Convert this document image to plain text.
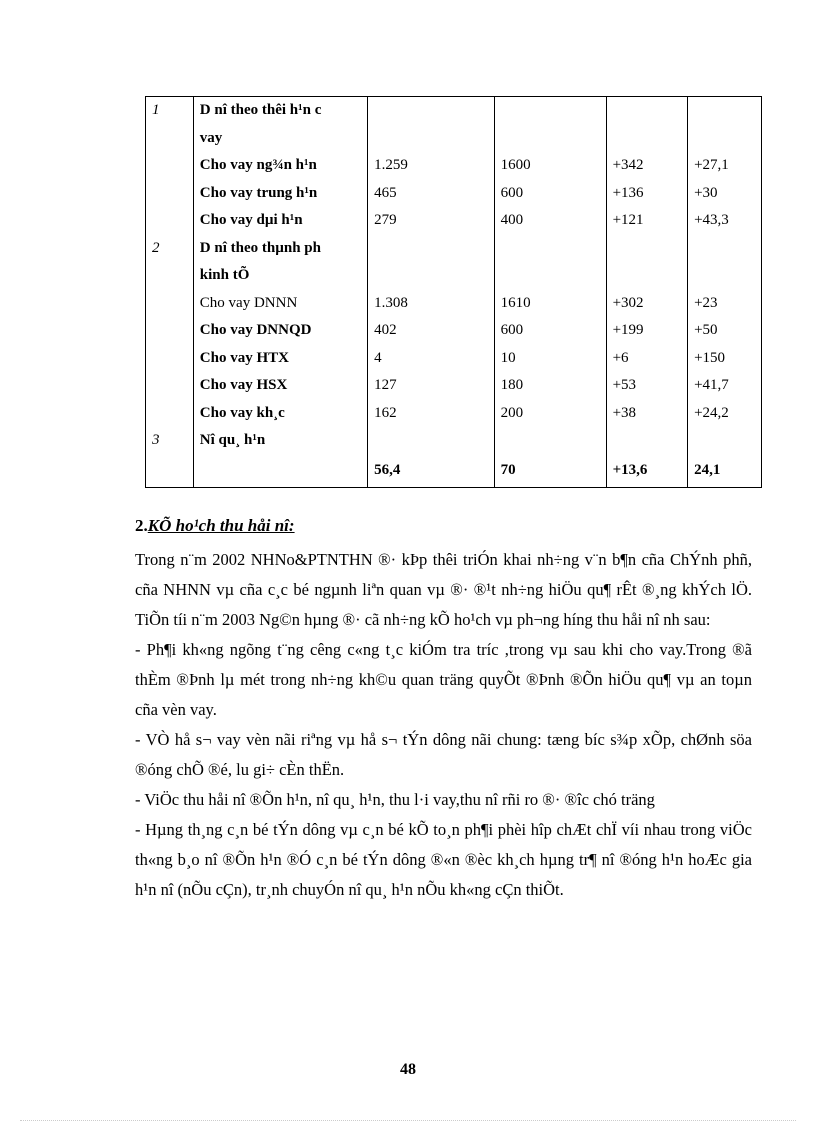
1	D nî theo thêi h¹n c				
	vay				
	Cho vay ng¾n h¹n	1.259	1600	+342	+27,1
	Cho vay trung h¹n	465	600	+136	+30
	Cho vay dµi h¹n	279	400	+121	+43,3
2	D nî theo thµnh ph				
	kinh tÕ				
	Cho vay DNNN	1.308	1610	+302	+23
	Cho vay DNNQD	402	600	+199	+50
	Cho vay HTX	4	10	+6	+150
	Cho vay HSX	127	180	+53	+41,7
	Cho vay kh¸c	162	200	+38	+24,2
3	Nî qu¸ h¹n				
		56,4	70	+13,6	24,1
2.KÕ ho¹ch thu håi nî:

Trong n¨m 2002 NHNo&PTNTHN ®· kÞp thêi triÓn khai nh÷ng v¨n b¶n cña ChÝnh phñ, cña NHNN vµ cña c¸c bé ngµnh liªn quan vµ ®· ®¹t nh÷ng hiÖu qu¶ rÊt ®¸ng khÝch lÖ. TiÕn tíi n¨m 2003 Ng©n hµng ®· cã nh÷ng kÕ ho¹ch vµ ph¬ng híng thu håi nî nh sau:

- Ph¶i kh«ng ngõng t¨ng cêng c«ng t¸c kiÓm tra tríc ,trong vµ sau khi cho vay.Trong ®ã thÈm ®Þnh lµ mét trong nh÷ng kh©u quan träng quyÕt ®Þnh ®Õn hiÖu qu¶ vµ an toµn cña vèn vay.

- VÒ hå s¬ vay vèn nãi riªng vµ hå s¬ tÝn dông nãi chung: tæng bíc s¾p xÕp, chØnh söa ®óng chÕ ®é, lu gi÷ cÈn thËn.

- ViÖc thu håi nî ®Õn h¹n, nî qu¸ h¹n, thu l·i vay,thu nî rñi ro ®· ®îc chó träng

- Hµng th¸ng c¸n bé tÝn dông vµ c¸n bé kÕ to¸n ph¶i phèi hîp chÆt chÏ víi nhau trong viÖc th«ng b¸o nî ®Õn h¹n ®Ó c¸n bé tÝn dông ®«n ®èc kh¸ch hµng tr¶ nî ®óng h¹n hoÆc gia h¹n nî (nÕu cÇn), tr¸nh chuyÓn nî qu¸ h¹n nÕu kh«ng cÇn thiÕt.

48
